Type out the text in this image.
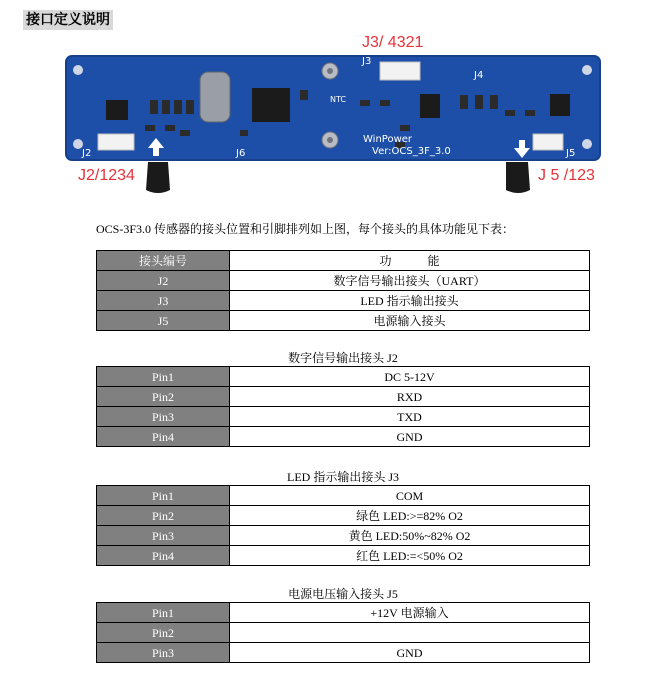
接口定义说明
J3/ 4321
J2/1234	J 5 /123
WinPower
Ver:OCS_3F_3.0
J2
J3
J4
J5
J6
NTC
OCS-3F3.0 传感器的接头位置和引脚排列如上图，每个接头的具体功能见下表：
接头编号	功　　　能
J2	数字信号输出接头（UART）
J3	LED 指示输出接头
J5	电源输入接头
数字信号输出接头 J2
Pin1	DC 5-12V
Pin2	RXD
Pin3	TXD
Pin4	GND
LED 指示输出接头 J3
Pin1	COM
Pin2	绿色 LED:>=82% O2
Pin3	黄色 LED:50%~82% O2
Pin4	红色 LED:=<50% O2
电源电压输入接头 J5
Pin1	+12V 电源输入
Pin2	
Pin3	GND
